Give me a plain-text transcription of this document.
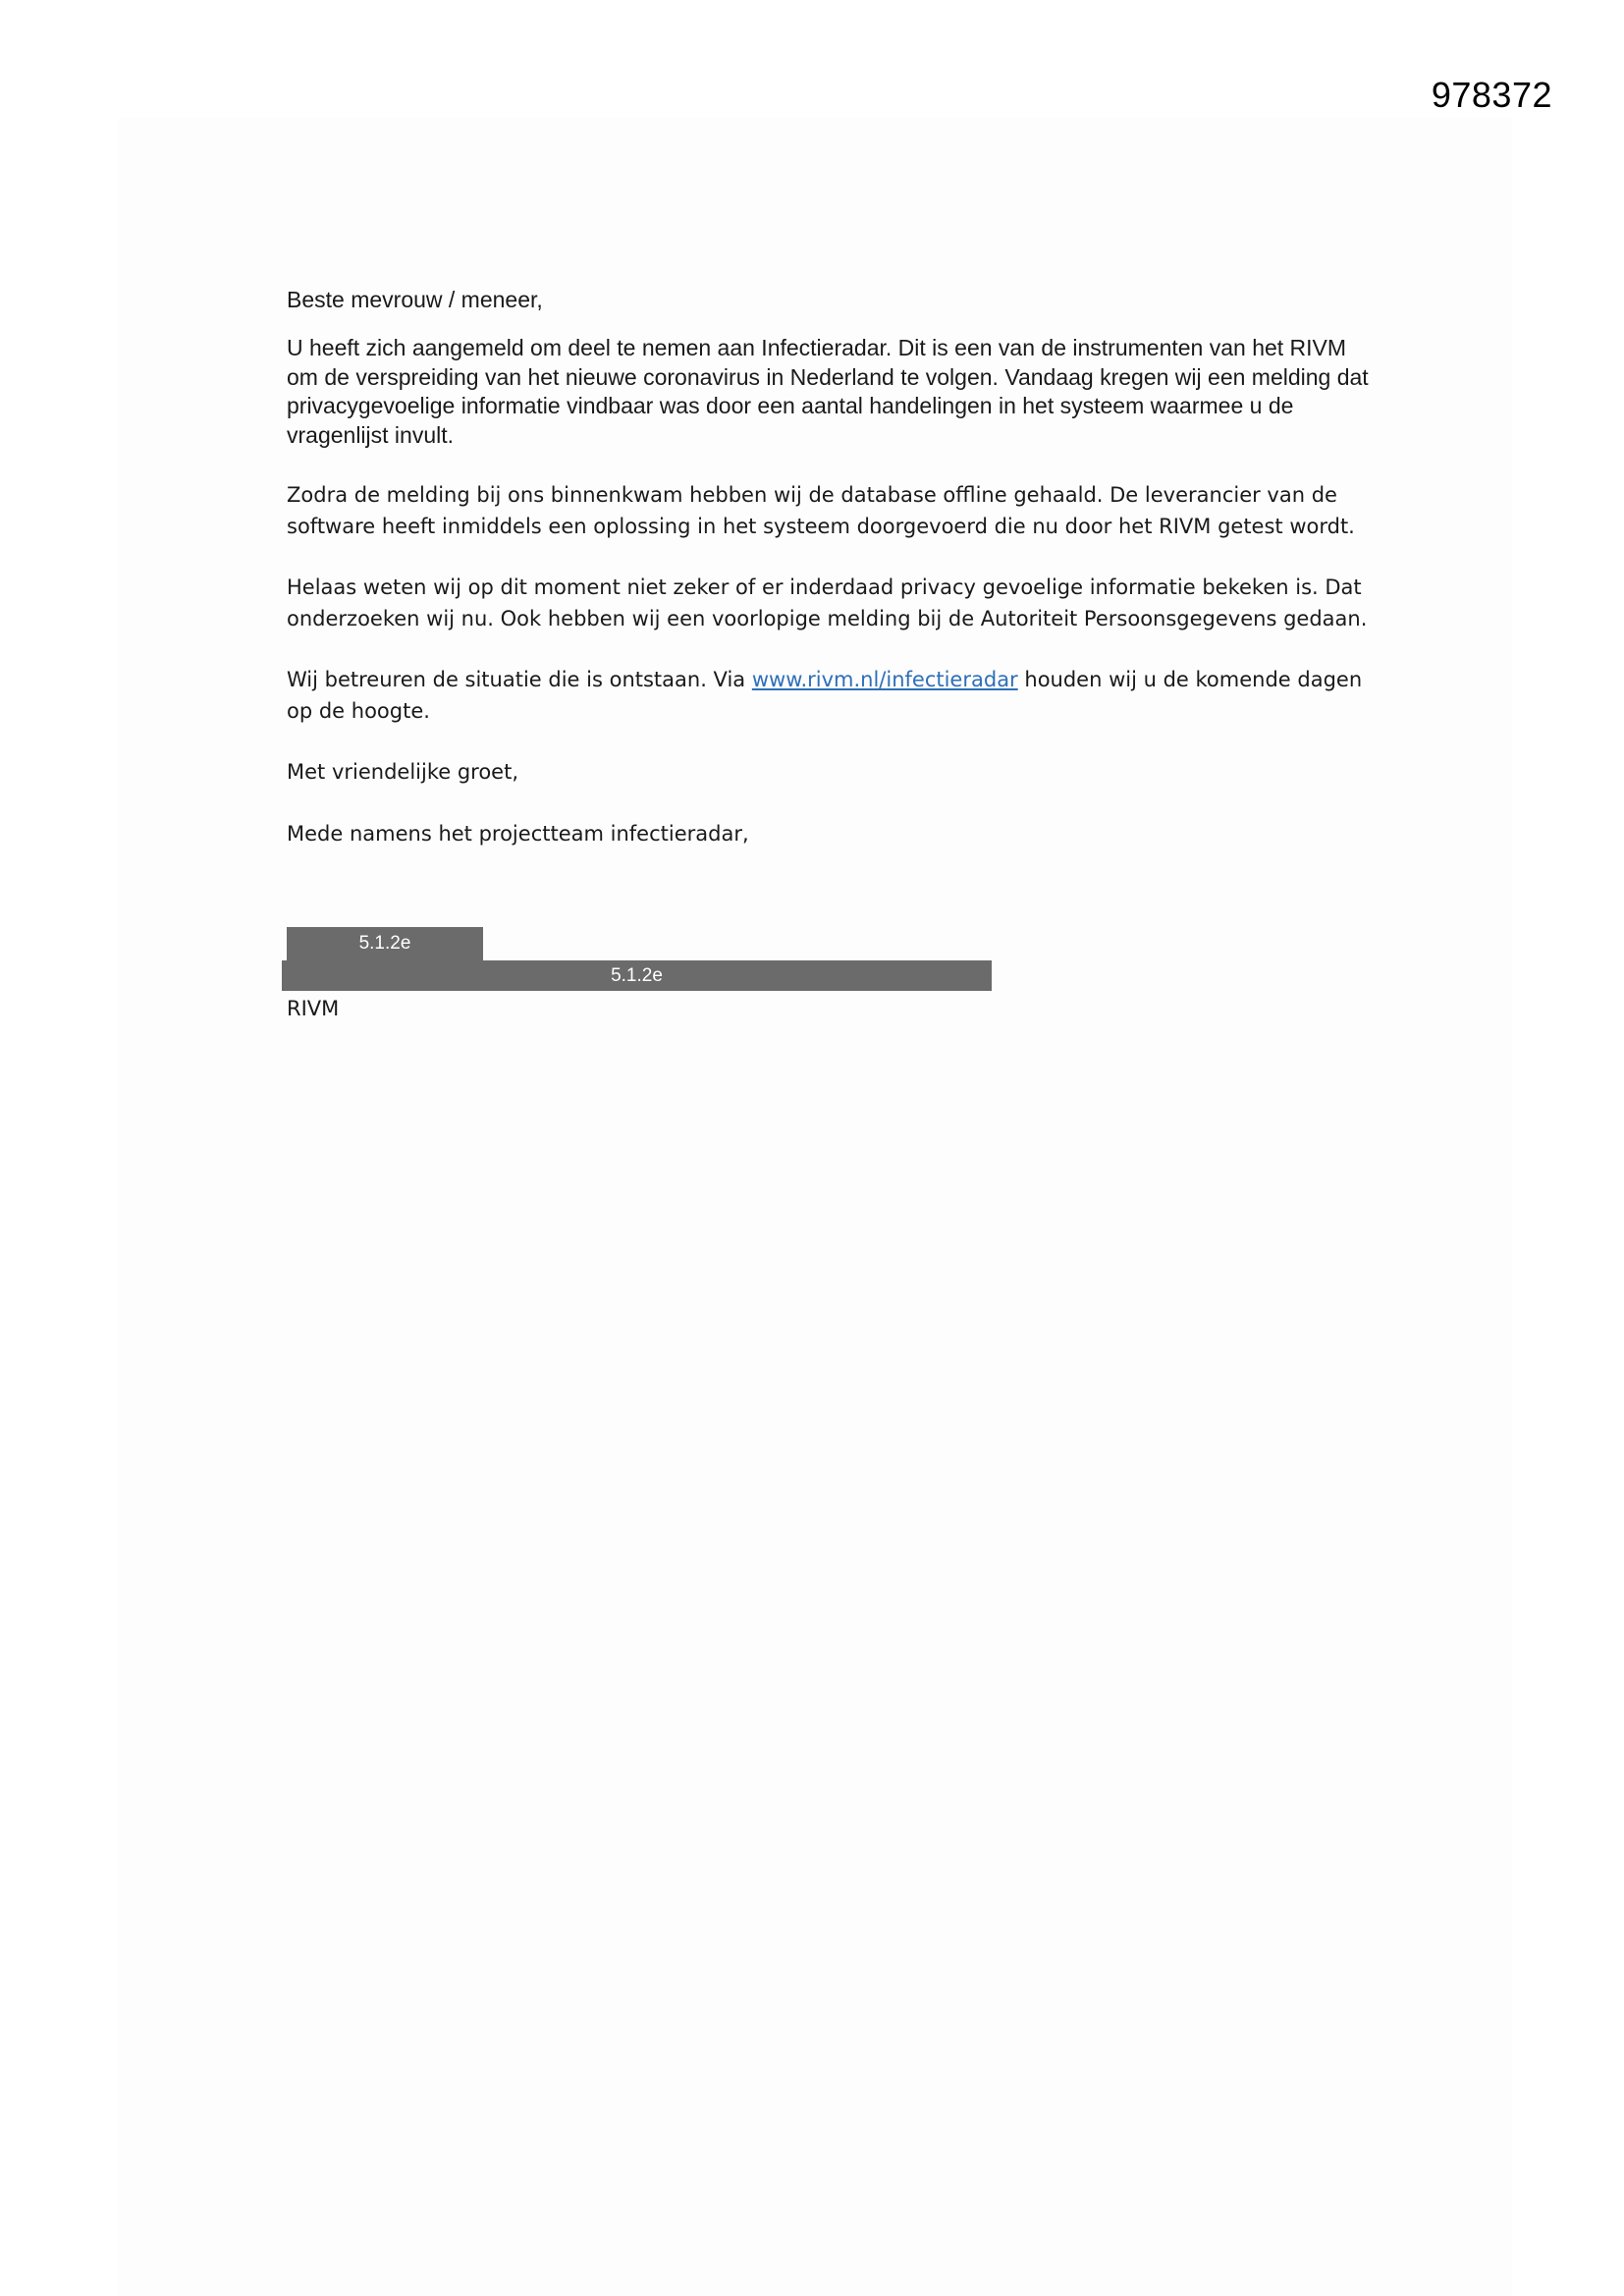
978372

Beste mevrouw / meneer,

U heeft zich aangemeld om deel te nemen aan Infectieradar. Dit is een van de instrumenten van het RIVM om de verspreiding van het nieuwe coronavirus in Nederland te volgen. Vandaag kregen wij een melding dat privacygevoelige informatie vindbaar was door een aantal handelingen in het systeem waarmee u de vragenlijst invult.

Zodra de melding bij ons binnenkwam hebben wij de database offline gehaald. De leverancier van de software heeft inmiddels een oplossing in het systeem doorgevoerd die nu door het RIVM getest wordt.

Helaas weten wij op dit moment niet zeker of er inderdaad privacy gevoelige informatie bekeken is. Dat onderzoeken wij nu. Ook hebben wij een voorlopige melding bij de Autoriteit Persoonsgegevens gedaan.

Wij betreuren de situatie die is ontstaan. Via www.rivm.nl/infectieradar houden wij u de komende dagen op de hoogte.

Met vriendelijke groet,

Mede namens het projectteam infectieradar,

5.1.2e
5.1.2e
RIVM
